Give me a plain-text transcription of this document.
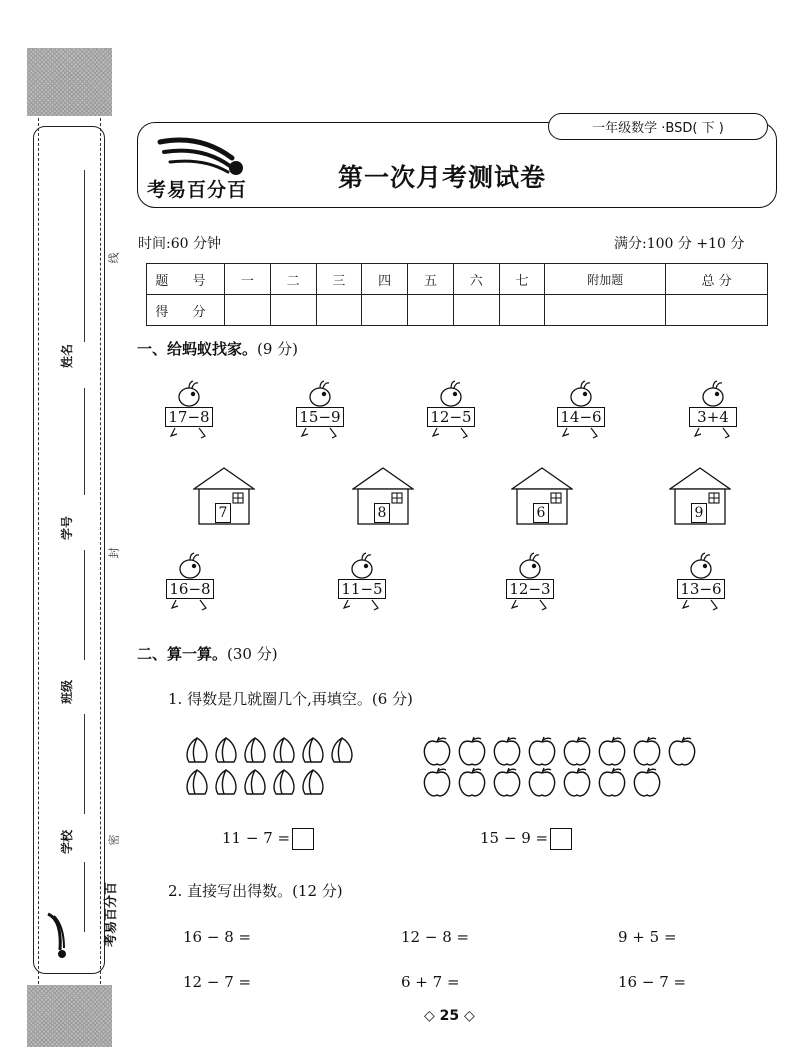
姓名
学号
班级
学校
线
封
密
考易百分百
一年级数学 ·BSD( 下 )
考易百分百	第一次月考测试卷
时间:60 分钟	满分:100 分 +10 分
题 号	一	二	三	四	五	六	七	附加题	总 分
得 分									
一、给蚂蚁找家。(9 分)
17−8	15−9	12−5	14−6	3+4
7	8	6	9
16−8	11−5	12−3	13−6
二、算一算。(30 分)
1. 得数是几就圈几个,再填空。(6 分)
11 − 7 =	15 − 9 =
2. 直接写出得数。(12 分)
16 − 8 =	12 − 8 =	9 + 5 =
12 − 7 =	6 + 7 =	16 − 7 =
◇ 25 ◇
